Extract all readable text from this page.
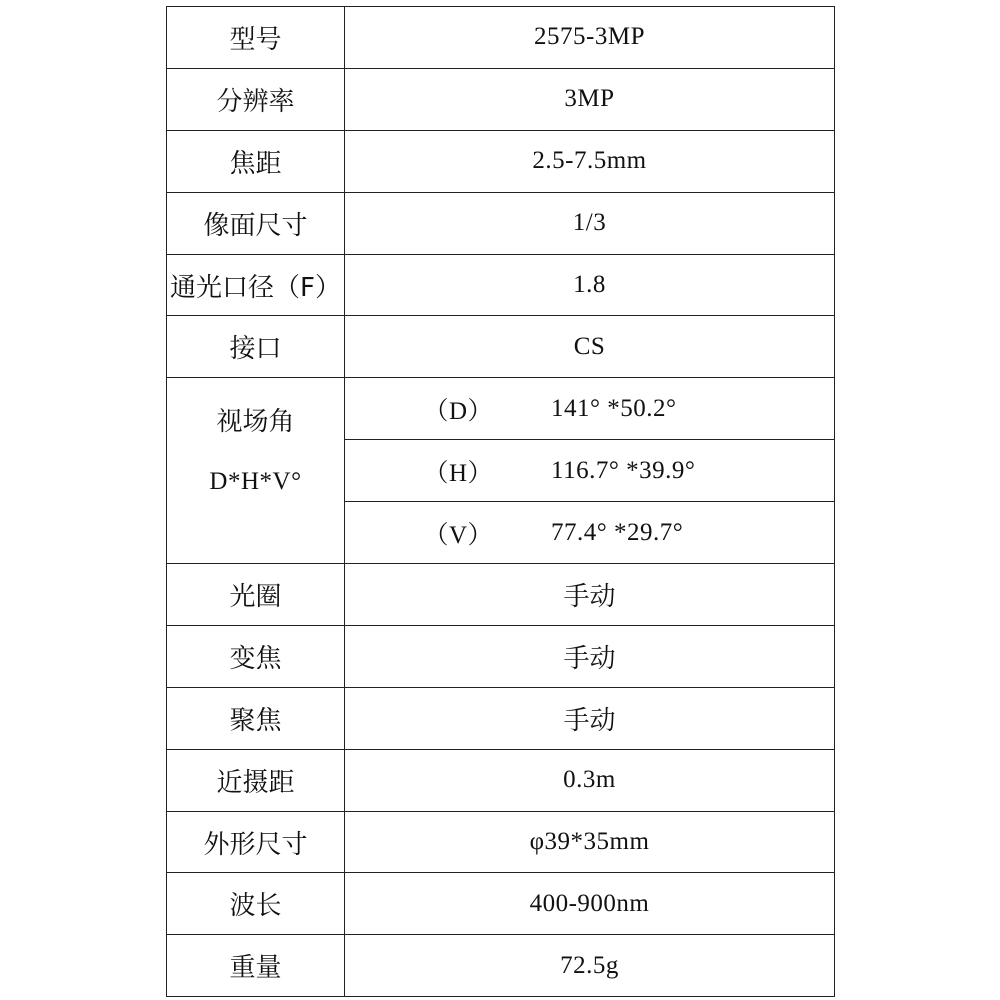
型号	2575-3MP
分辨率	3MP
焦距	2.5-7.5mm
像面尺寸	1/3
通光口径（F）	1.8
接口	CS

视场角
D*H*V°	（D） 141° *50.2°

	（H） 116.7° *39.9°

	（V） 77.4° *29.7°

光圈	手动
变焦	手动
聚焦	手动
近摄距	0.3m
外形尺寸	φ39*35mm
波长	400-900nm
重量	72.5g
